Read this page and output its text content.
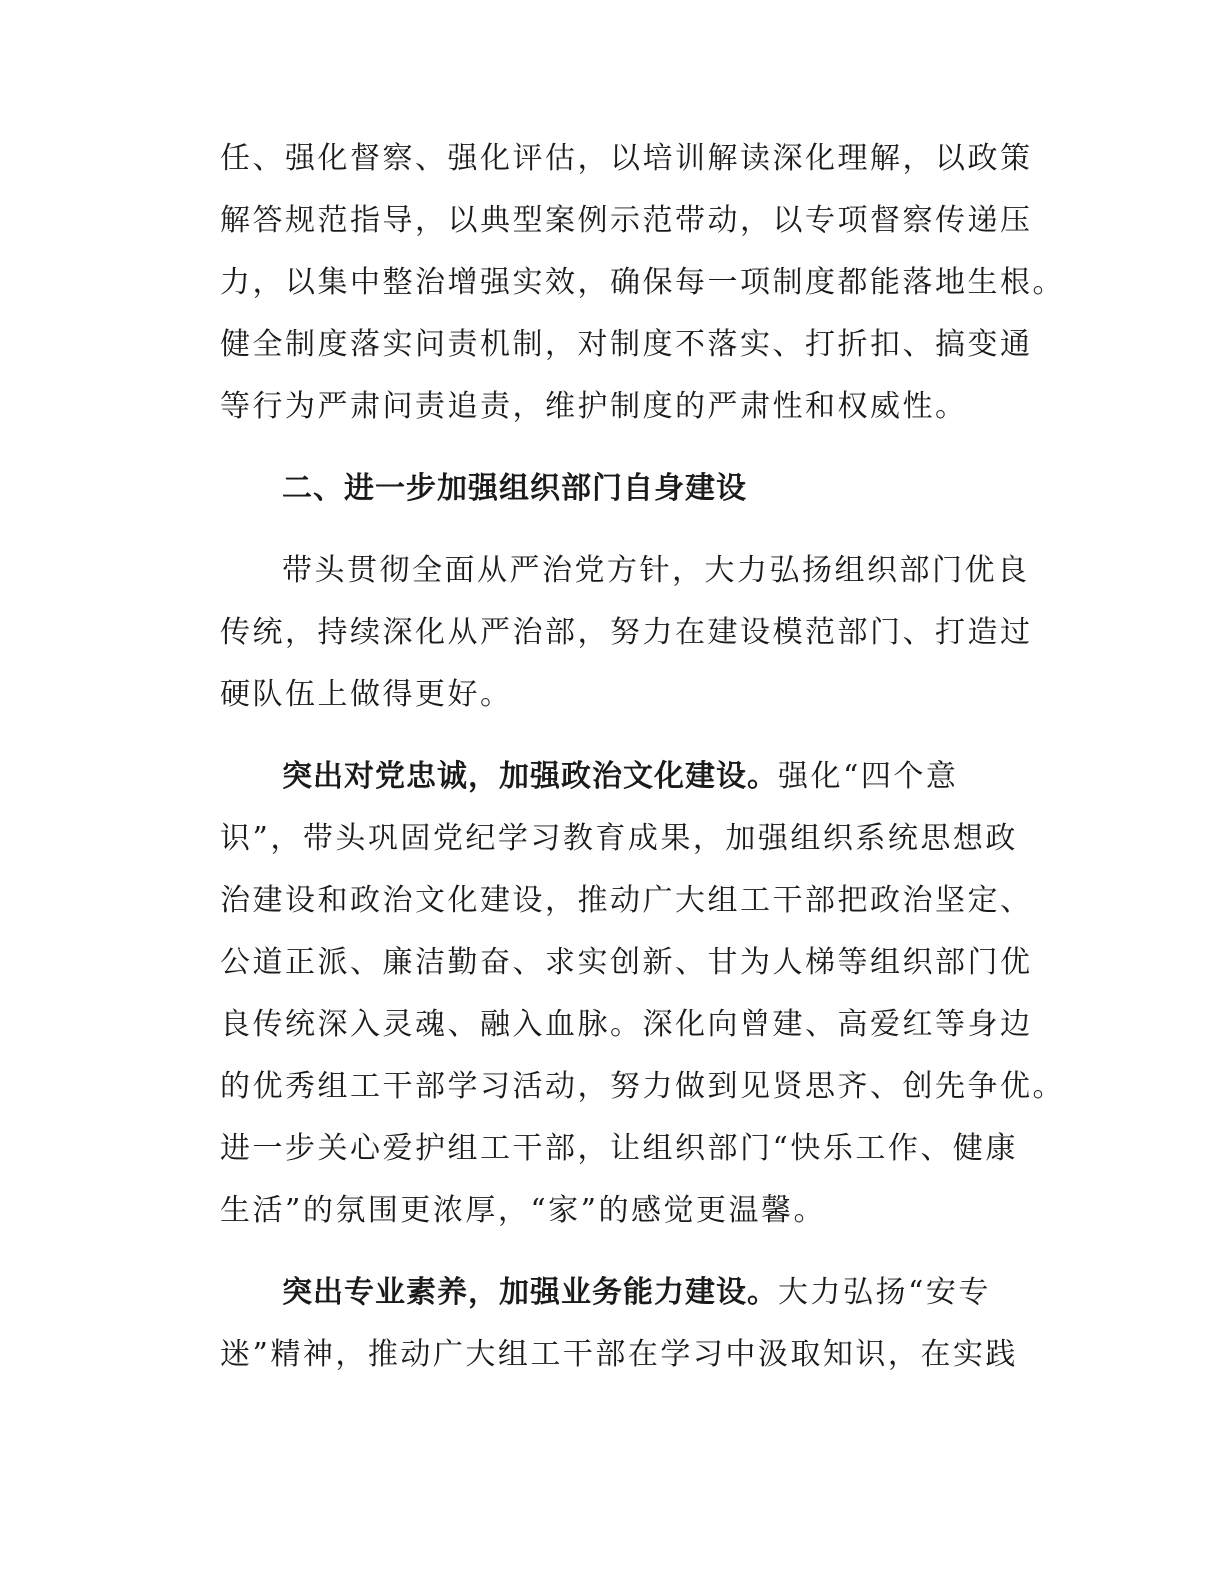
任、强化督察、强化评估，以培训解读深化理解，以政策
解答规范指导，以典型案例示范带动，以专项督察传递压
力，以集中整治增强实效，确保每一项制度都能落地生根。
健全制度落实问责机制，对制度不落实、打折扣、搞变通
等行为严肃问责追责，维护制度的严肃性和权威性。
二、进一步加强组织部门自身建设
带头贯彻全面从严治党方针，大力弘扬组织部门优良
传统，持续深化从严治部，努力在建设模范部门、打造过
硬队伍上做得更好。
突出对党忠诚，加强政治文化建设。强化“四个意
识”，带头巩固党纪学习教育成果，加强组织系统思想政
治建设和政治文化建设，推动广大组工干部把政治坚定、
公道正派、廉洁勤奋、求实创新、甘为人梯等组织部门优
良传统深入灵魂、融入血脉。深化向曾建、高爱红等身边
的优秀组工干部学习活动，努力做到见贤思齐、创先争优。
进一步关心爱护组工干部，让组织部门“快乐工作、健康
生活”的氛围更浓厚，“家”的感觉更温馨。
突出专业素养，加强业务能力建设。大力弘扬“安专
迷”精神，推动广大组工干部在学习中汲取知识，在实践
